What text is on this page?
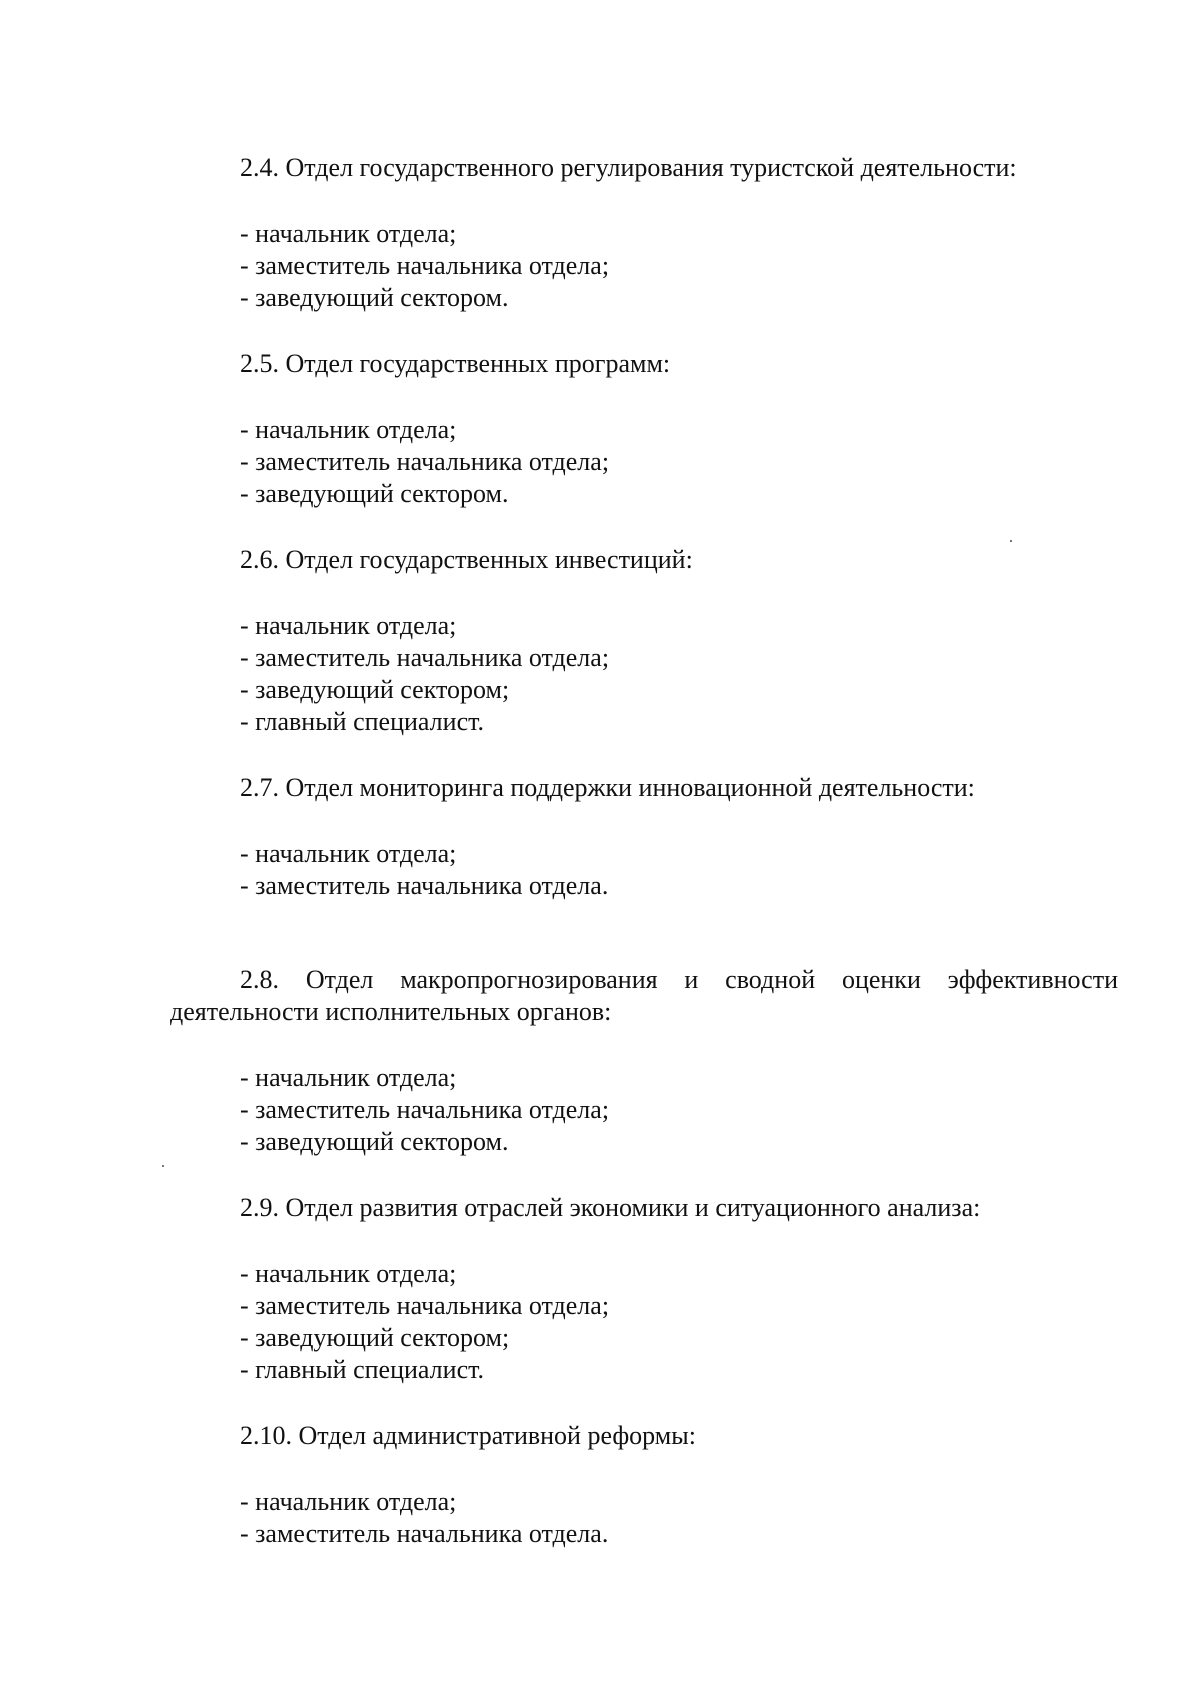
2.4. Отдел государственного регулирования туристской деятельности:

- начальник отдела;

- заместитель начальника отдела;

- заведующий сектором.

2.5. Отдел государственных программ:

- начальник отдела;

- заместитель начальника отдела;

- заведующий сектором.

2.6. Отдел государственных инвестиций:

- начальник отдела;

- заместитель начальника отдела;

- заведующий сектором;

- главный специалист.

2.7. Отдел мониторинга поддержки инновационной деятельности:

- начальник отдела;

- заместитель начальника отдела.

2.8. Отдел макропрогнозирования и сводной оценки эффективности
деятельности исполнительных органов:

- начальник отдела;

- заместитель начальника отдела;

- заведующий сектором.

2.9. Отдел развития отраслей экономики и ситуационного анализа:

- начальник отдела;

- заместитель начальника отдела;

- заведующий сектором;

- главный специалист.

2.10. Отдел административной реформы:

- начальник отдела;

- заместитель начальника отдела.
